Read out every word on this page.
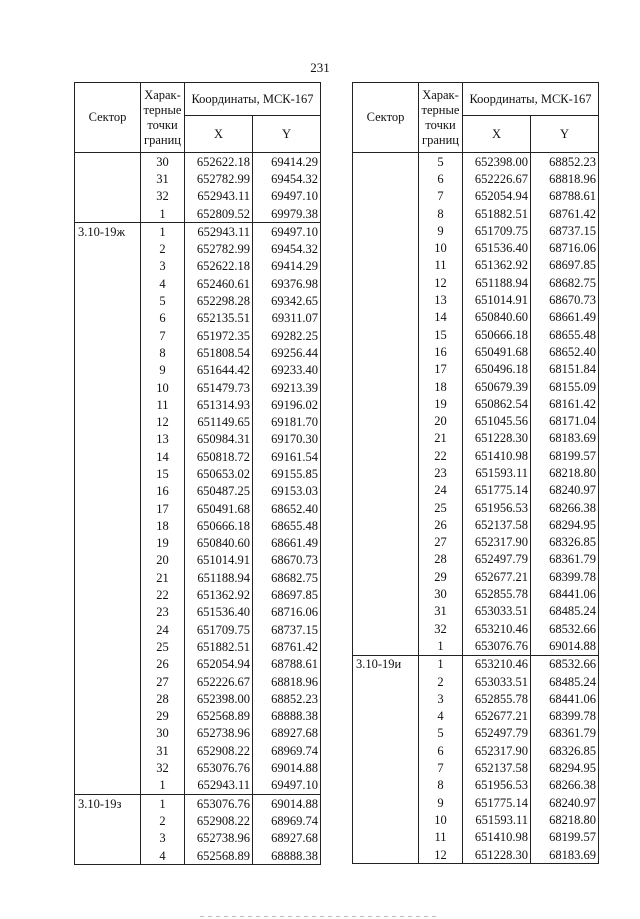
231
Сектор	Харак-терные точки границ	Координаты, МСК-167	
		X	Y
	30	652622.18	69414.29
	31	652782.99	69454.32
	32	652943.11	69497.10
	1	652809.52	69979.38
3.10-19ж	1	652943.11	69497.10
	2	652782.99	69454.32
	3	652622.18	69414.29
	4	652460.61	69376.98
	5	652298.28	69342.65
	6	652135.51	69311.07
	7	651972.35	69282.25
	8	651808.54	69256.44
	9	651644.42	69233.40
	10	651479.73	69213.39
	11	651314.93	69196.02
	12	651149.65	69181.70
	13	650984.31	69170.30
	14	650818.72	69161.54
	15	650653.02	69155.85
	16	650487.25	69153.03
	17	650491.68	68652.40
	18	650666.18	68655.48
	19	650840.60	68661.49
	20	651014.91	68670.73
	21	651188.94	68682.75
	22	651362.92	68697.85
	23	651536.40	68716.06
	24	651709.75	68737.15
	25	651882.51	68761.42
	26	652054.94	68788.61
	27	652226.67	68818.96
	28	652398.00	68852.23
	29	652568.89	68888.38
	30	652738.96	68927.68
	31	652908.22	68969.74
	32	653076.76	69014.88
	1	652943.11	69497.10
3.10-19з	1	653076.76	69014.88
	2	652908.22	68969.74
	3	652738.96	68927.68
	4	652568.89	68888.38
Сектор	Харак-терные точки границ	Координаты, МСК-167	
		X	Y
	5	652398.00	68852.23
	6	652226.67	68818.96
	7	652054.94	68788.61
	8	651882.51	68761.42
	9	651709.75	68737.15
	10	651536.40	68716.06
	11	651362.92	68697.85
	12	651188.94	68682.75
	13	651014.91	68670.73
	14	650840.60	68661.49
	15	650666.18	68655.48
	16	650491.68	68652.40
	17	650496.18	68151.84
	18	650679.39	68155.09
	19	650862.54	68161.42
	20	651045.56	68171.04
	21	651228.30	68183.69
	22	651410.98	68199.57
	23	651593.11	68218.80
	24	651775.14	68240.97
	25	651956.53	68266.38
	26	652137.58	68294.95
	27	652317.90	68326.85
	28	652497.79	68361.79
	29	652677.21	68399.78
	30	652855.78	68441.06
	31	653033.51	68485.24
	32	653210.46	68532.66
	1	653076.76	69014.88
3.10-19и	1	653210.46	68532.66
	2	653033.51	68485.24
	3	652855.78	68441.06
	4	652677.21	68399.78
	5	652497.79	68361.79
	6	652317.90	68326.85
	7	652137.58	68294.95
	8	651956.53	68266.38
	9	651775.14	68240.97
	10	651593.11	68218.80
	11	651410.98	68199.57
	12	651228.30	68183.69
